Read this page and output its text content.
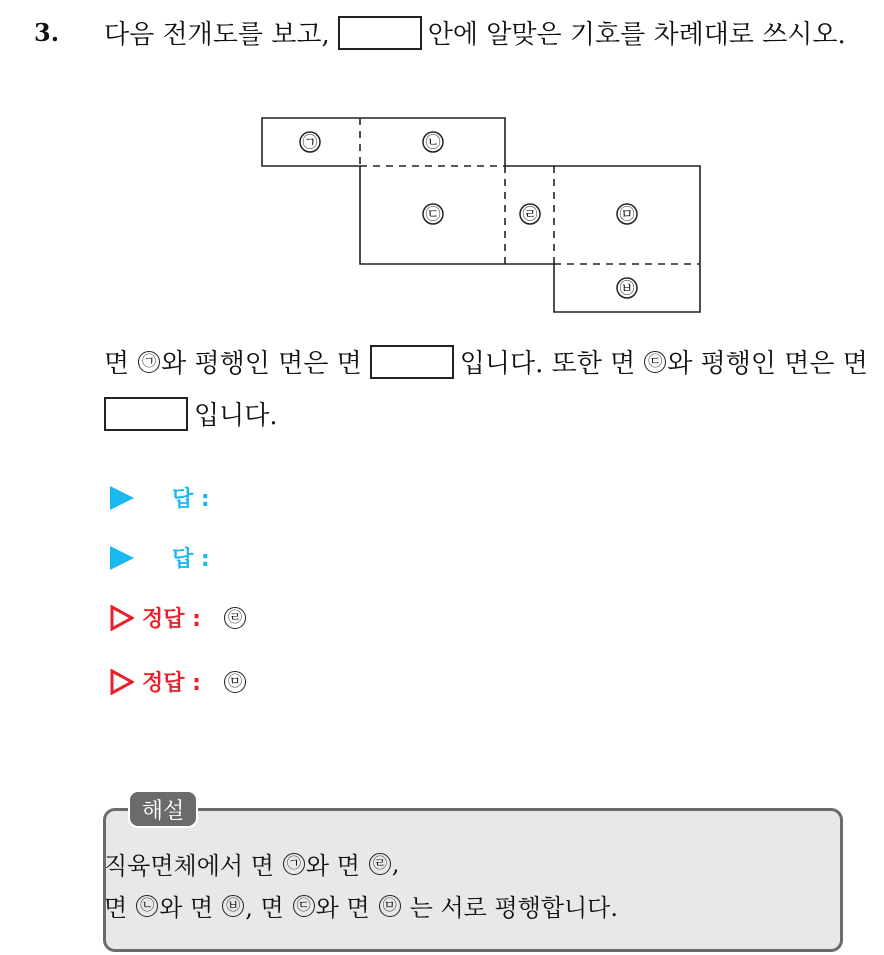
3. 다음 전개도를 보고,	안에 알맞은 기호를 차례대로 쓰시오.
㉠	㉡
㉢	㉣	㉤
㉥
면 ㉠ 와 평행인 면은 면	입니다. 또한 면 ㉢ 와 평행인 면은 면
입니다.
답 :
답 :
정답 :	㉣
정답 :	㉤
해설
직육면체에서 면 ㉠ 와 면 ㉣ ,
면 ㉡ 와 면 ㉥ , 면 ㉢ 와 면 ㉤ 는 서로 평행합니다.
